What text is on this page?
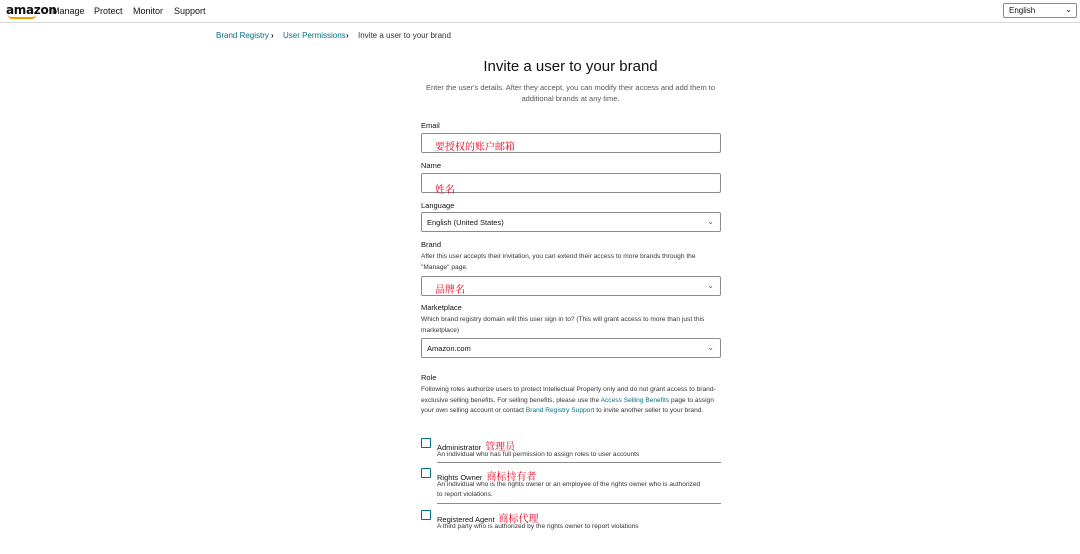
amazon
Manage Protect Monitor Support	English	⌄
Brand Registry › User Permissions › Invite a user to your brand
Invite a user to your brand
Enter the user's details. After they accept, you can modify their access and add them to additional brands at any time.
Email
要授权的账户邮箱
Name
姓名
Language
English (United States)	⌄
Brand
After this user accepts their invitation, you can extend their access to more brands through the "Manage" page.
品牌名	⌄
Marketplace
Which brand registry domain will this user sign in to? (This will grant access to more than just this marketplace)
Amazon.com	⌄
Role
Following roles authorize users to protect Intellectual Property only and do not grant access to brand-exclusive selling benefits. For selling benefits, please use the Access Selling Benefits page to assign your own selling account or contact Brand Registry Support to invite another seller to your brand.
Administrator 管理员
An individual who has full permission to assign roles to user accounts
Rights Owner 商标持有者
An individual who is the rights owner or an employee of the rights owner who is authorized to report violations.
Registered Agent 商标代理
A third party who is authorized by the rights owner to report violations
